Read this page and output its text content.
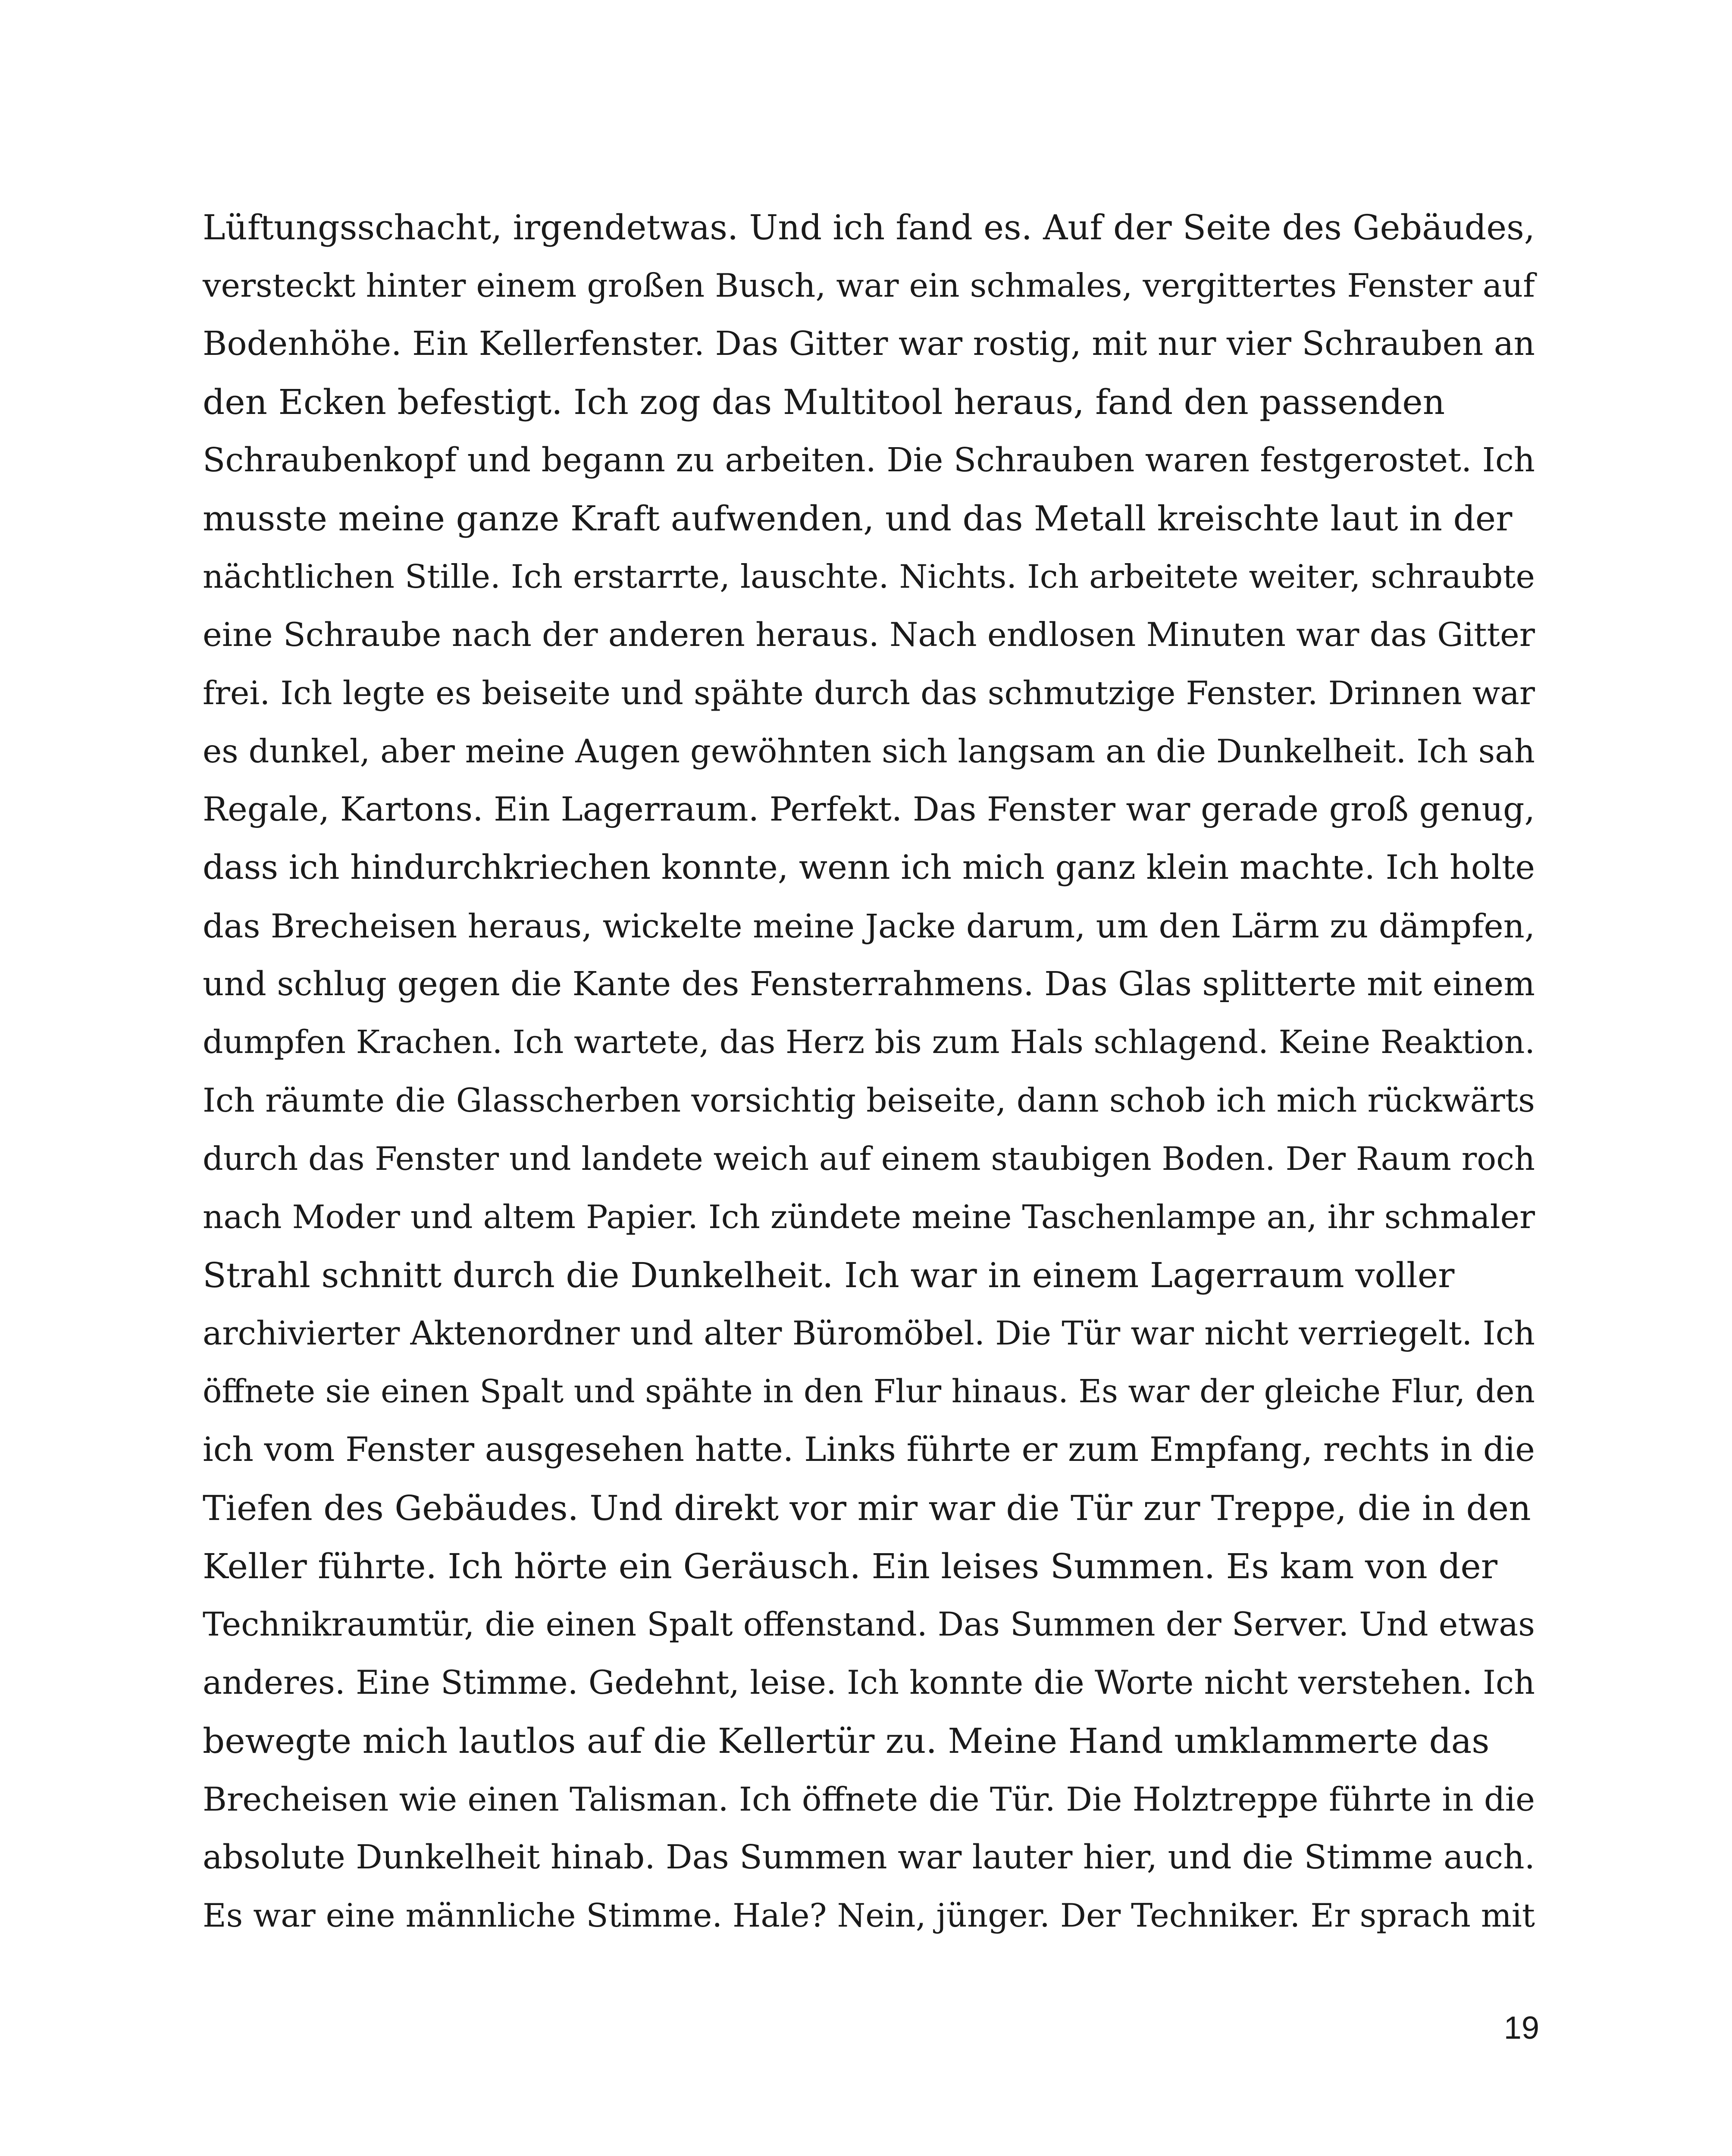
Lüftungsschacht, irgendetwas. Und ich fand es. Auf der Seite des Gebäudes,
versteckt hinter einem großen Busch, war ein schmales, vergittertes Fenster auf
Bodenhöhe. Ein Kellerfenster. Das Gitter war rostig, mit nur vier Schrauben an
den Ecken befestigt. Ich zog das Multitool heraus, fand den passenden
Schraubenkopf und begann zu arbeiten. Die Schrauben waren festgerostet. Ich
musste meine ganze Kraft aufwenden, und das Metall kreischte laut in der
nächtlichen Stille. Ich erstarrte, lauschte. Nichts. Ich arbeitete weiter, schraubte
eine Schraube nach der anderen heraus. Nach endlosen Minuten war das Gitter
frei. Ich legte es beiseite und spähte durch das schmutzige Fenster. Drinnen war
es dunkel, aber meine Augen gewöhnten sich langsam an die Dunkelheit. Ich sah
Regale, Kartons. Ein Lagerraum. Perfekt. Das Fenster war gerade groß genug,
dass ich hindurchkriechen konnte, wenn ich mich ganz klein machte. Ich holte
das Brecheisen heraus, wickelte meine Jacke darum, um den Lärm zu dämpfen,
und schlug gegen die Kante des Fensterrahmens. Das Glas splitterte mit einem
dumpfen Krachen. Ich wartete, das Herz bis zum Hals schlagend. Keine Reaktion.
Ich räumte die Glasscherben vorsichtig beiseite, dann schob ich mich rückwärts
durch das Fenster und landete weich auf einem staubigen Boden. Der Raum roch
nach Moder und altem Papier. Ich zündete meine Taschenlampe an, ihr schmaler
Strahl schnitt durch die Dunkelheit. Ich war in einem Lagerraum voller
archivierter Aktenordner und alter Büromöbel. Die Tür war nicht verriegelt. Ich
öffnete sie einen Spalt und spähte in den Flur hinaus. Es war der gleiche Flur, den
ich vom Fenster ausgesehen hatte. Links führte er zum Empfang, rechts in die
Tiefen des Gebäudes. Und direkt vor mir war die Tür zur Treppe, die in den
Keller führte. Ich hörte ein Geräusch. Ein leises Summen. Es kam von der
Technikraumtür, die einen Spalt offenstand. Das Summen der Server. Und etwas
anderes. Eine Stimme. Gedehnt, leise. Ich konnte die Worte nicht verstehen. Ich
bewegte mich lautlos auf die Kellertür zu. Meine Hand umklammerte das
Brecheisen wie einen Talisman. Ich öffnete die Tür. Die Holztreppe führte in die
absolute Dunkelheit hinab. Das Summen war lauter hier, und die Stimme auch.
Es war eine männliche Stimme. Hale? Nein, jünger. Der Techniker. Er sprach mit
19
